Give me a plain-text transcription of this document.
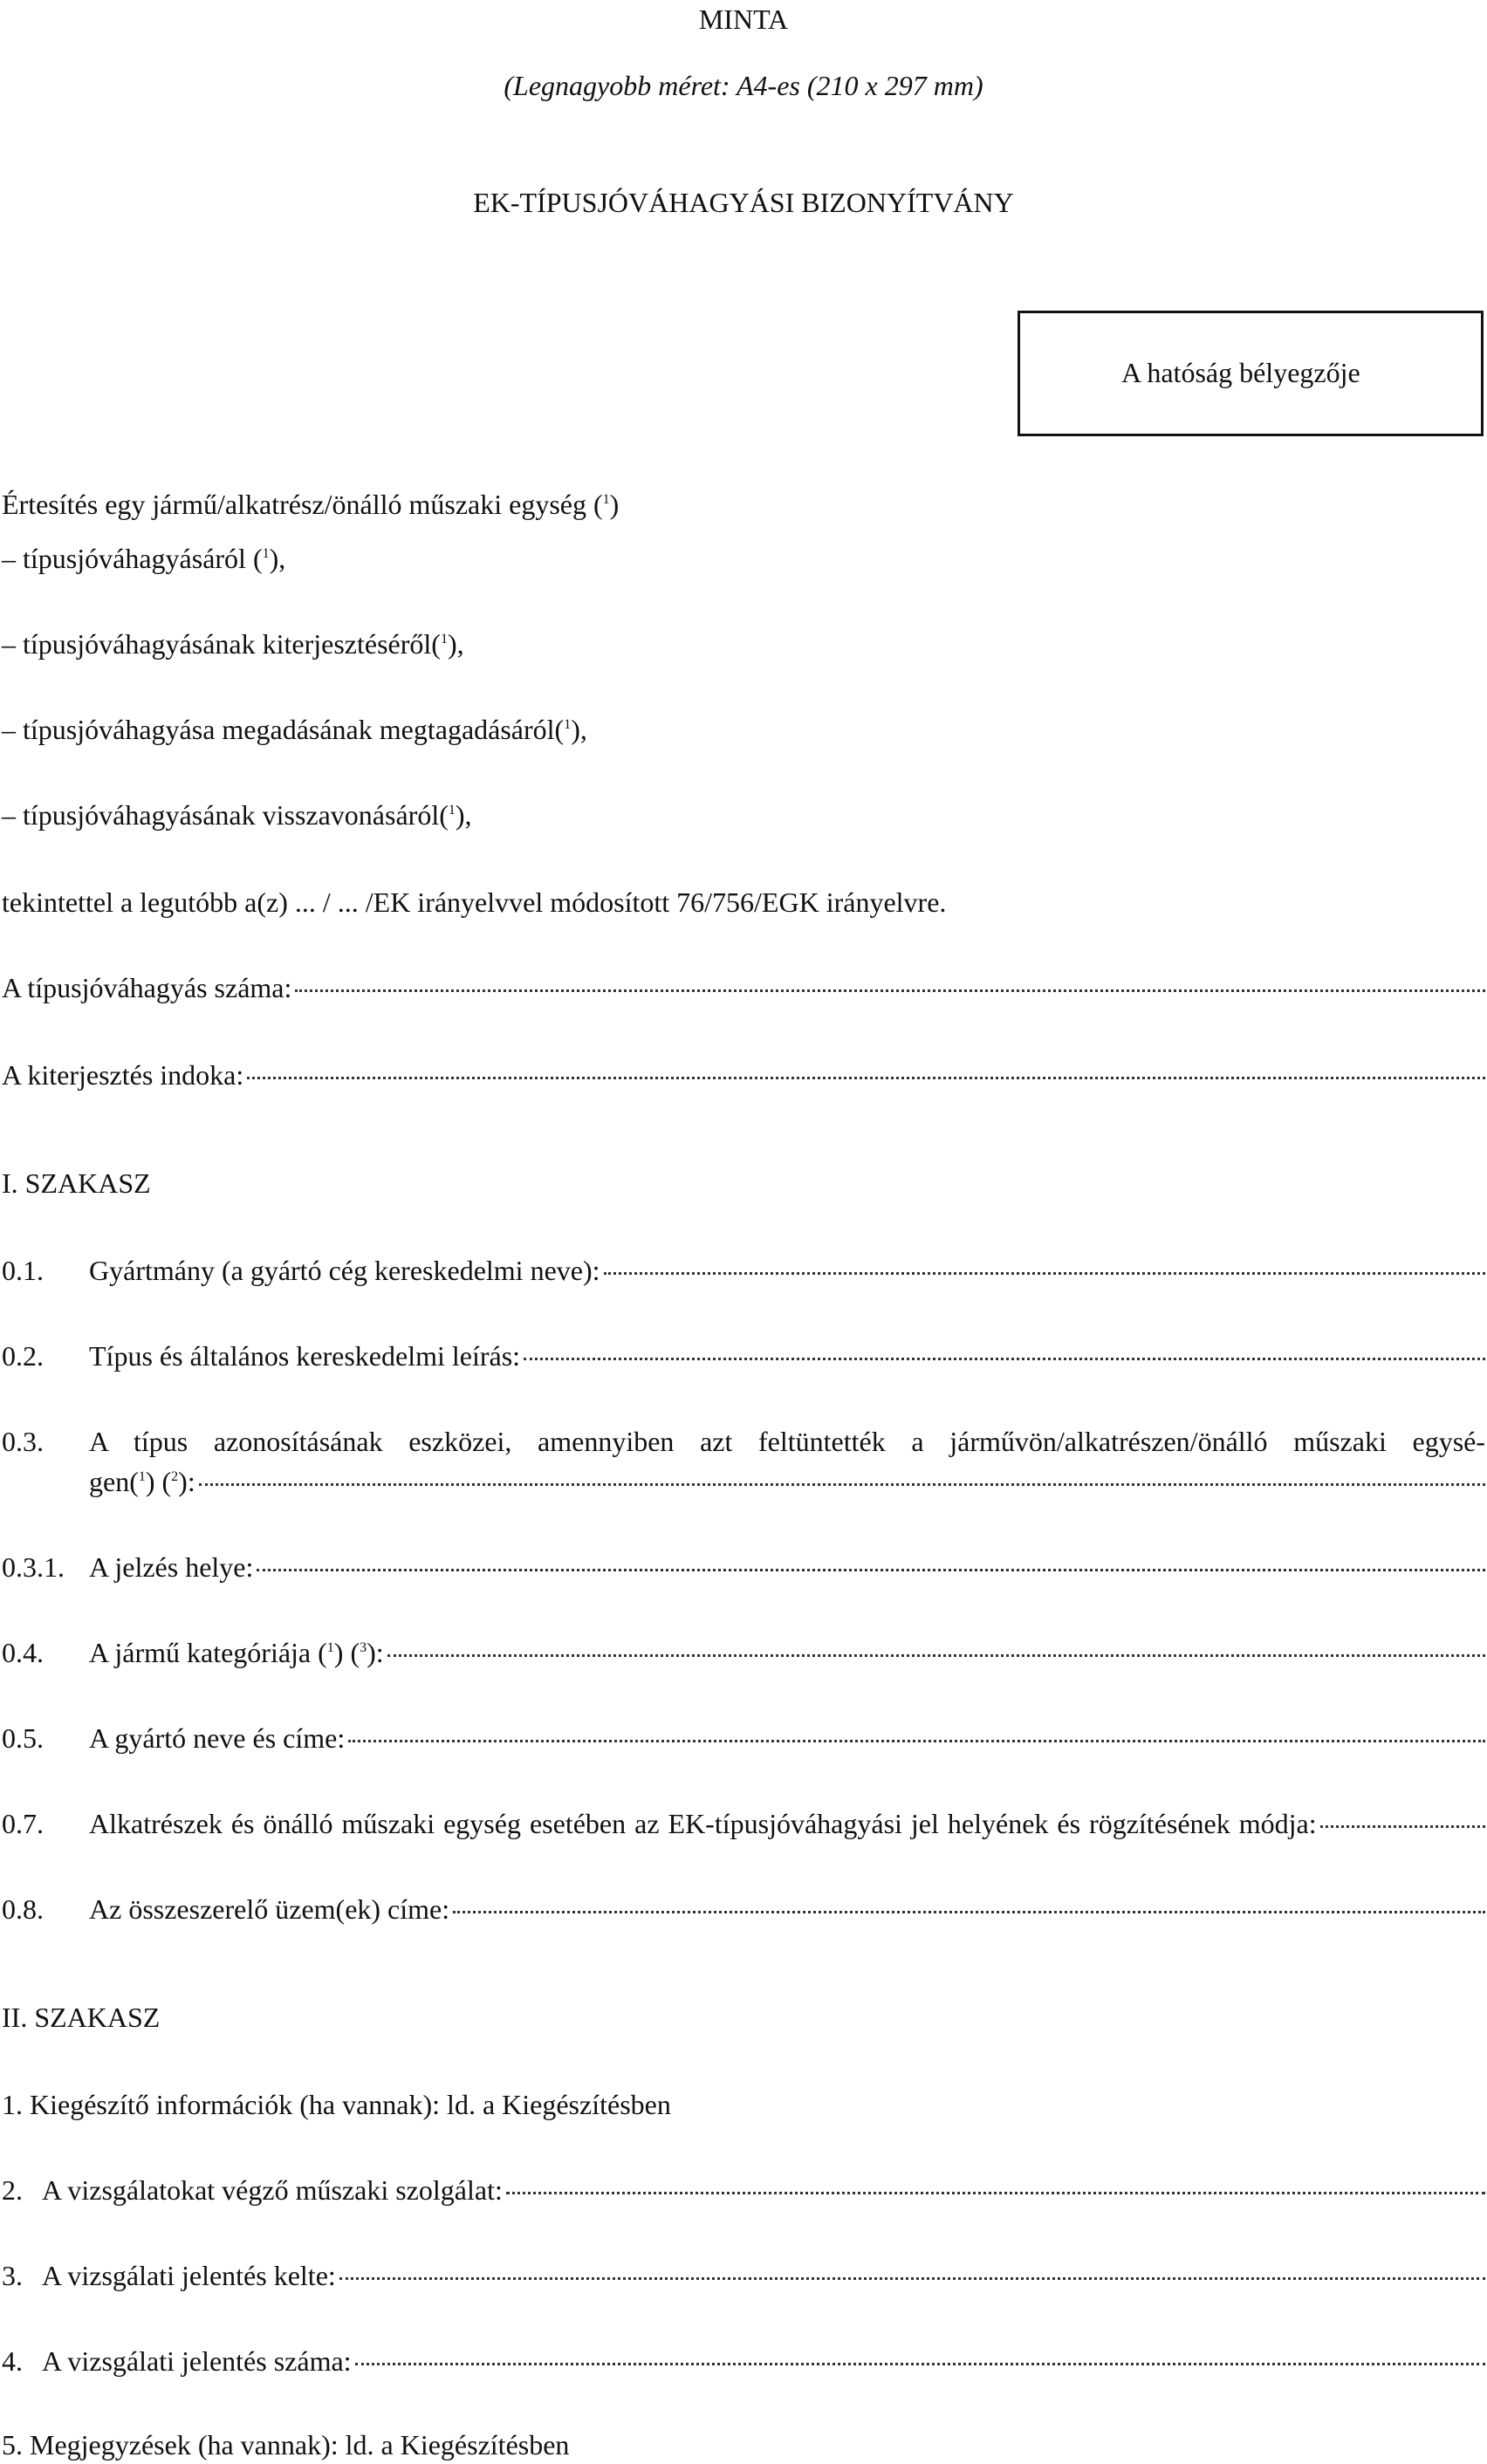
MINTA
(Legnagyobb méret: A4-es (210 x 297 mm)
EK-TÍPUSJÓVÁHAGYÁSI BIZONYÍTVÁNY
A hatóság bélyegzője
Értesítés egy jármű/alkatrész/önálló műszaki egység ($^1$)
– típusjóváhagyásáról ($^1$),
– típusjóváhagyásának kiterjesztéséről($^1$),
– típusjóváhagyása megadásának megtagadásáról($^1$),
– típusjóváhagyásának visszavonásáról($^1$),
tekintettel a legutóbb a(z) ... / ... /EK irányelvvel módosított 76/756/EGK irányelvre.
A típusjóváhagyás száma:
A kiterjesztés indoka:
I. SZAKASZ
0.1.	Gyártmány (a gyártó cég kereskedelmi neve):
0.2.	Típus és általános kereskedelmi leírás:
0.3. A típus azonosításának eszközei, amennyiben azt feltüntették a járművön/alkatrészen/önálló műszaki egysé-
gen($^1$) ($^2$):
0.3.1. A jelzés helye:
0.4.	A jármű kategóriája ($^1$) ($^3$):
0.5.	A gyártó neve és címe:
0.7.	Alkatrészek és önálló műszaki egység esetében az EK-típusjóváhagyási jel helyének és rögzítésének módja:
0.8.	Az összeszerelő üzem(ek) címe:
II. SZAKASZ
1. Kiegészítő információk (ha vannak): ld. a Kiegészítésben
2. A vizsgálatokat végző műszaki szolgálat:
3. A vizsgálati jelentés kelte:
4. A vizsgálati jelentés száma:
5. Megjegyzések (ha vannak): ld. a Kiegészítésben
